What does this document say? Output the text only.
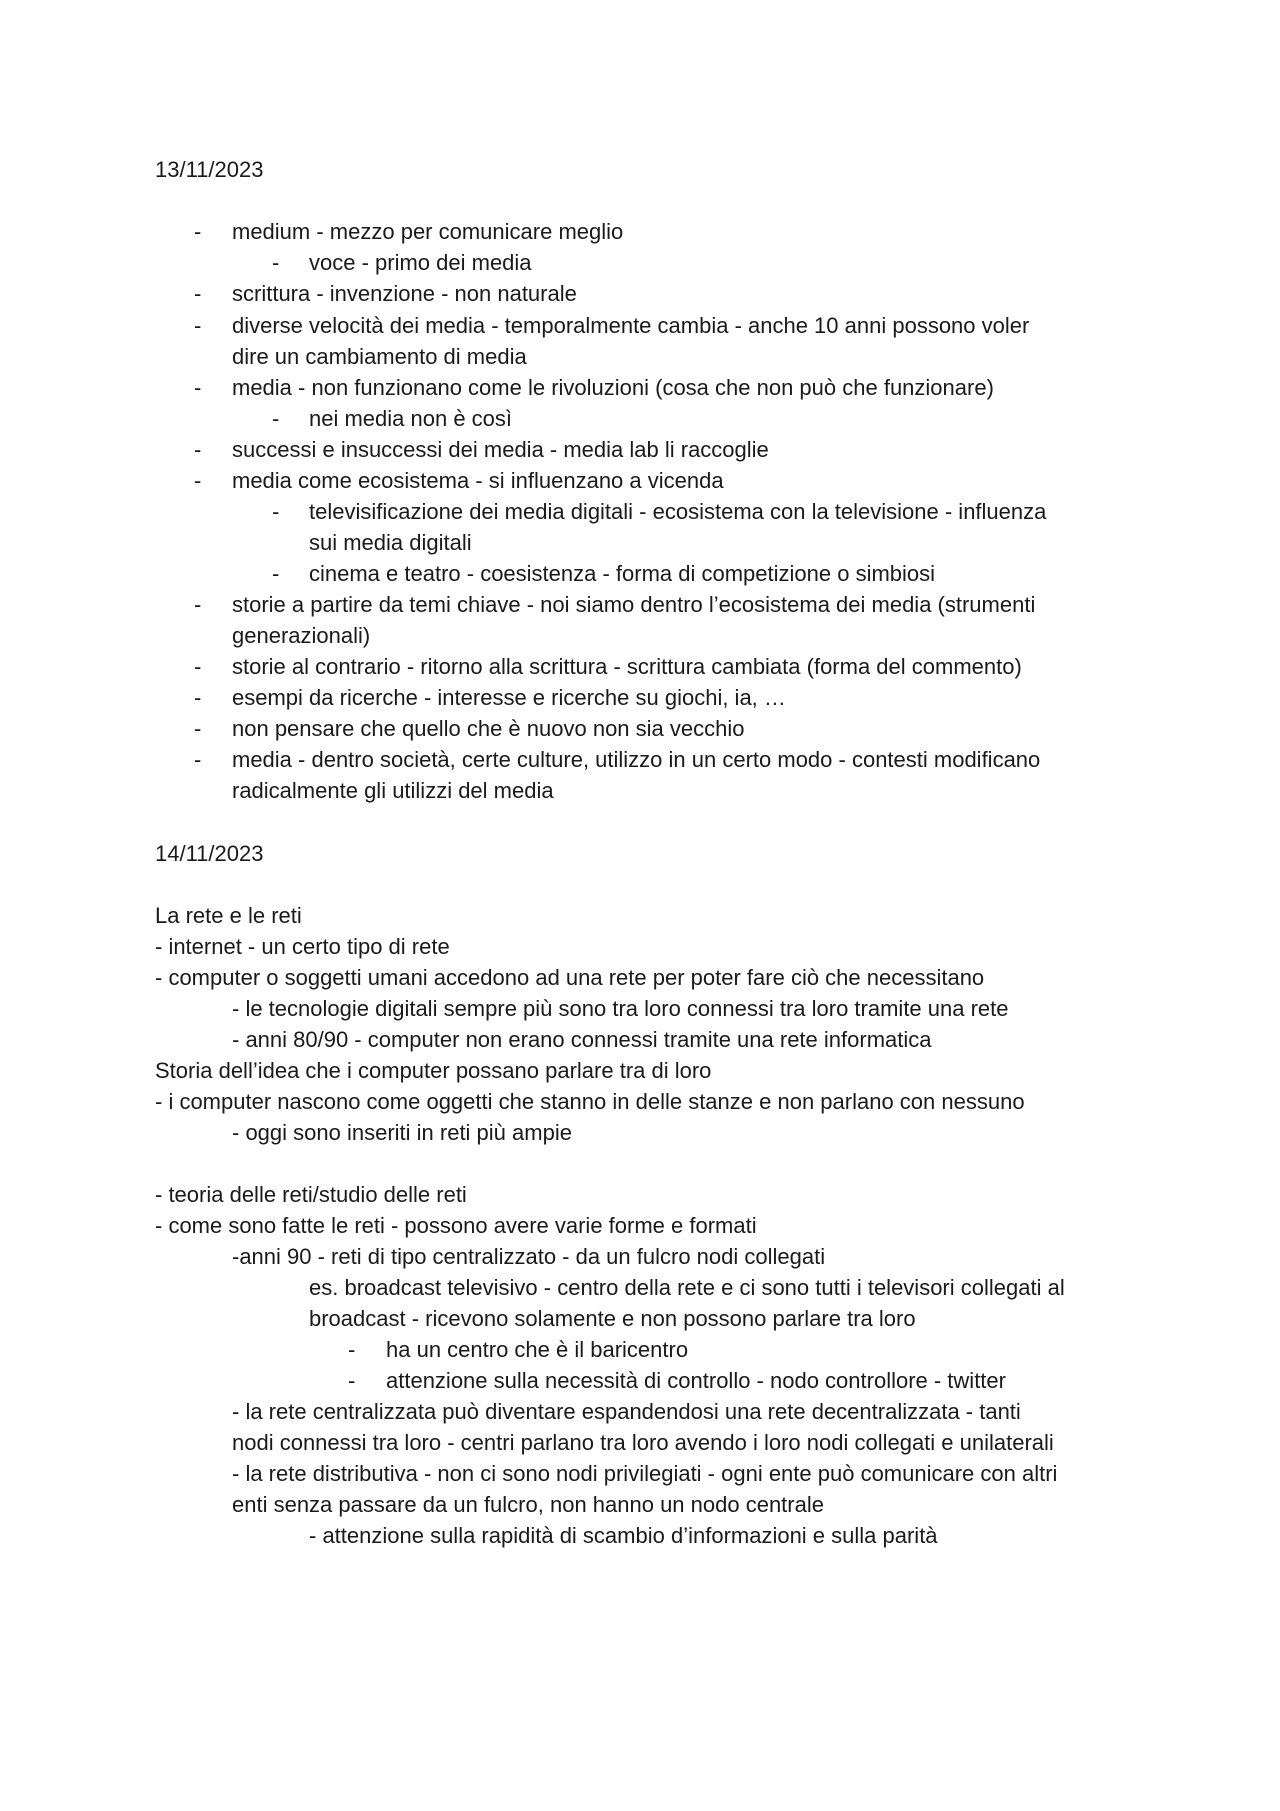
13/11/2023
- medium - mezzo per comunicare meglio
- voce - primo dei media
- scrittura - invenzione - non naturale
- diverse velocità dei media - temporalmente cambia - anche 10 anni possono voler
dire un cambiamento di media
- media - non funzionano come le rivoluzioni (cosa che non può che funzionare)
- nei media non è così
- successi e insuccessi dei media - media lab li raccoglie
- media come ecosistema - si influenzano a vicenda
- televisificazione dei media digitali - ecosistema con la televisione - influenza
sui media digitali
- cinema e teatro - coesistenza - forma di competizione o simbiosi
- storie a partire da temi chiave - noi siamo dentro l’ecosistema dei media (strumenti
generazionali)
- storie al contrario - ritorno alla scrittura - scrittura cambiata (forma del commento)
- esempi da ricerche - interesse e ricerche su giochi, ia, …
- non pensare che quello che è nuovo non sia vecchio
- media - dentro società, certe culture, utilizzo in un certo modo - contesti modificano
radicalmente gli utilizzi del media
14/11/2023
La rete e le reti
- internet - un certo tipo di rete
- computer o soggetti umani accedono ad una rete per poter fare ciò che necessitano
- le tecnologie digitali sempre più sono tra loro connessi tra loro tramite una rete
- anni 80/90 - computer non erano connessi tramite una rete informatica
Storia dell’idea che i computer possano parlare tra di loro
- i computer nascono come oggetti che stanno in delle stanze e non parlano con nessuno
- oggi sono inseriti in reti più ampie
- teoria delle reti/studio delle reti
- come sono fatte le reti - possono avere varie forme e formati
-anni 90 - reti di tipo centralizzato - da un fulcro nodi collegati
es. broadcast televisivo - centro della rete e ci sono tutti i televisori collegati al
broadcast - ricevono solamente e non possono parlare tra loro
- ha un centro che è il baricentro
- attenzione sulla necessità di controllo - nodo controllore - twitter
- la rete centralizzata può diventare espandendosi una rete decentralizzata - tanti
nodi connessi tra loro - centri parlano tra loro avendo i loro nodi collegati e unilaterali
- la rete distributiva - non ci sono nodi privilegiati - ogni ente può comunicare con altri
enti senza passare da un fulcro, non hanno un nodo centrale
- attenzione sulla rapidità di scambio d’informazioni e sulla parità
